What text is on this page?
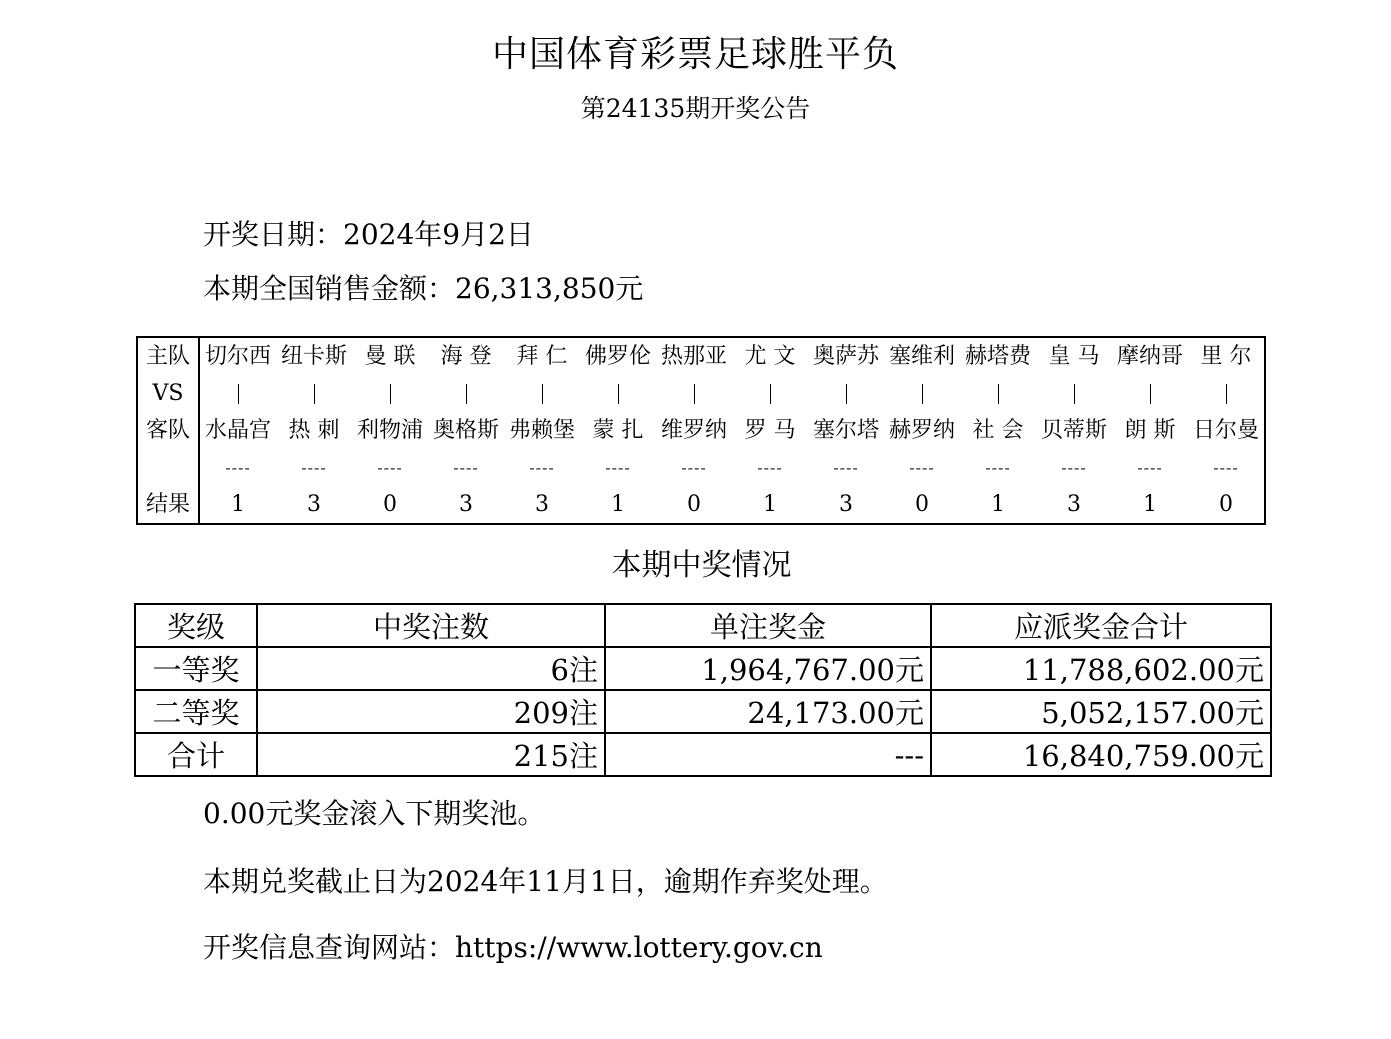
中国体育彩票足球胜平负
第24135期开奖公告
开奖日期：2024年9月2日
本期全国销售金额：26,313,850元
主队	切尔西	纽卡斯	曼 联	海 登	拜 仁	佛罗伦	热那亚	尤 文	奥萨苏	塞维利	赫塔费	皇 马	摩纳哥	里 尔
VS														
客队	水晶宫	热 刺	利物浦	奥格斯	弗赖堡	蒙 扎	维罗纳	罗 马	塞尔塔	赫罗纳	社 会	贝蒂斯	朗 斯	日尔曼
	----	----	----	----	----	----	----	----	----	----	----	----	----	----
结果	1	3	0	3	3	1	0	1	3	0	1	3	1	0
本期中奖情况
奖级	中奖注数	单注奖金	应派奖金合计
一等奖	6注	1,964,767.00元	11,788,602.00元
二等奖	209注	24,173.00元	5,052,157.00元
合计	215注	---	16,840,759.00元
0.00元奖金滚入下期奖池。
本期兑奖截止日为2024年11月1日，逾期作弃奖处理。
开奖信息查询网站：https://www.lottery.gov.cn
